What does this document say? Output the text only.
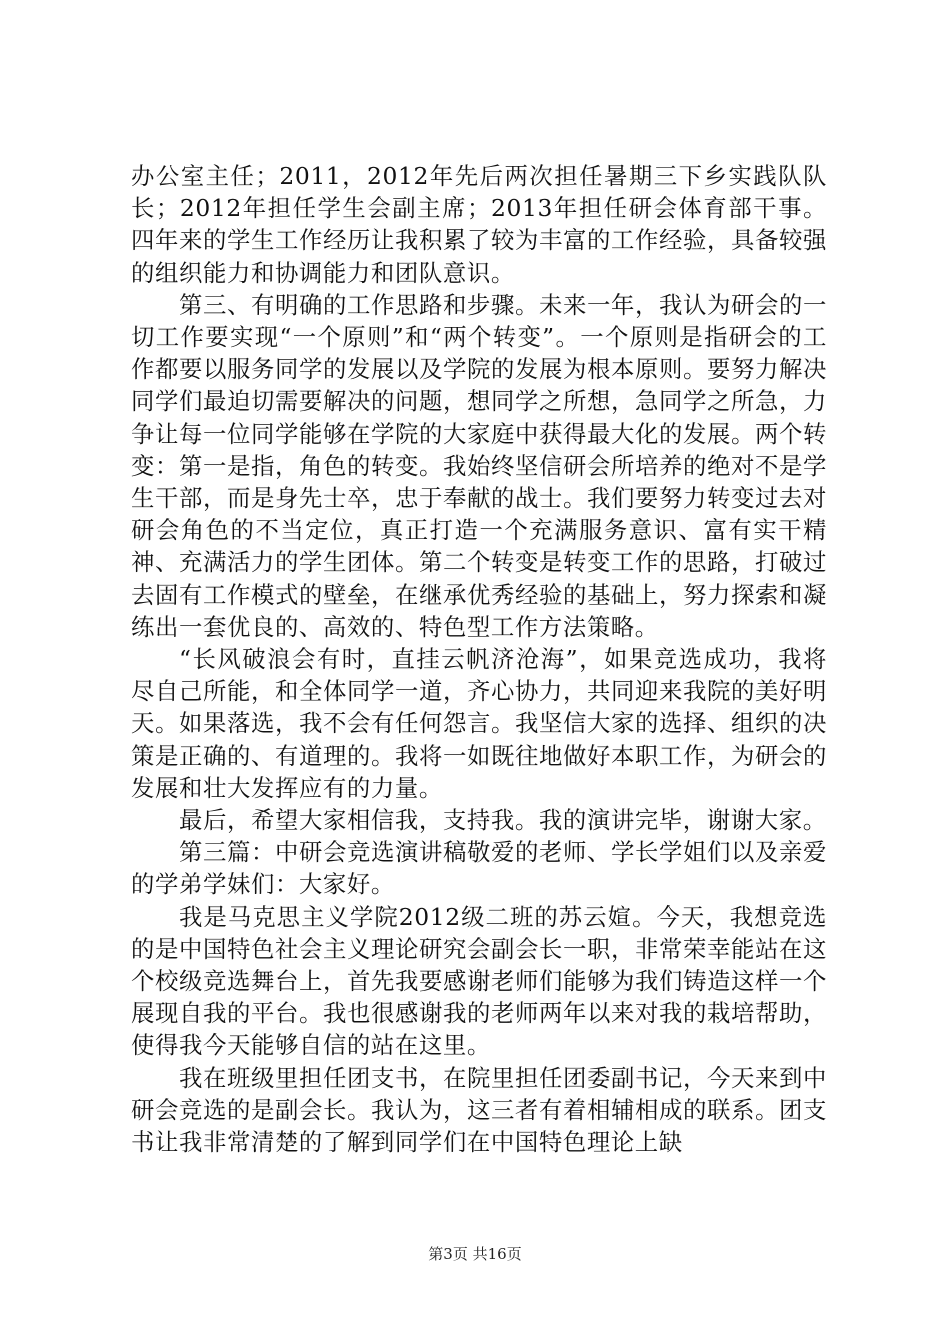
办公室主任；2011，2012年先后两次担任暑期三下乡实践队队长；2012年担任学生会副主席；2013年担任研会体育部干事。四年来的学生工作经历让我积累了较为丰富的工作经验，具备较强的组织能力和协调能力和团队意识。

第三、有明确的工作思路和步骤。未来一年，我认为研会的一切工作要实现“一个原则”和“两个转变”。一个原则是指研会的工作都要以服务同学的发展以及学院的发展为根本原则。要努力解决同学们最迫切需要解决的问题，想同学之所想，急同学之所急，力争让每一位同学能够在学院的大家庭中获得最大化的发展。两个转变：第一是指，角色的转变。我始终坚信研会所培养的绝对不是学生干部，而是身先士卒，忠于奉献的战士。我们要努力转变过去对研会角色的不当定位，真正打造一个充满服务意识、富有实干精神、充满活力的学生团体。第二个转变是转变工作的思路，打破过去固有工作模式的壁垒，在继承优秀经验的基础上，努力探索和凝练出一套优良的、高效的、特色型工作方法策略。

“长风破浪会有时，直挂云帆济沧海”，如果竞选成功，我将尽自己所能，和全体同学一道，齐心协力，共同迎来我院的美好明天。如果落选，我不会有任何怨言。我坚信大家的选择、组织的决策是正确的、有道理的。我将一如既往地做好本职工作，为研会的发展和壮大发挥应有的力量。

最后，希望大家相信我，支持我。我的演讲完毕，谢谢大家。

第三篇：中研会竞选演讲稿敬爱的老师、学长学姐们以及亲爱的学弟学妹们：大家好。

我是马克思主义学院2012级二班的苏云媗。今天，我想竞选的是中国特色社会主义理论研究会副会长一职，非常荣幸能站在这个校级竞选舞台上，首先我要感谢老师们能够为我们铸造这样一个展现自我的平台。我也很感谢我的老师两年以来对我的栽培帮助，使得我今天能够自信的站在这里。

我在班级里担任团支书，在院里担任团委副书记，今天来到中研会竞选的是副会长。我认为，这三者有着相辅相成的联系。团支书让我非常清楚的了解到同学们在中国特色理论上缺

第3页 共16页
